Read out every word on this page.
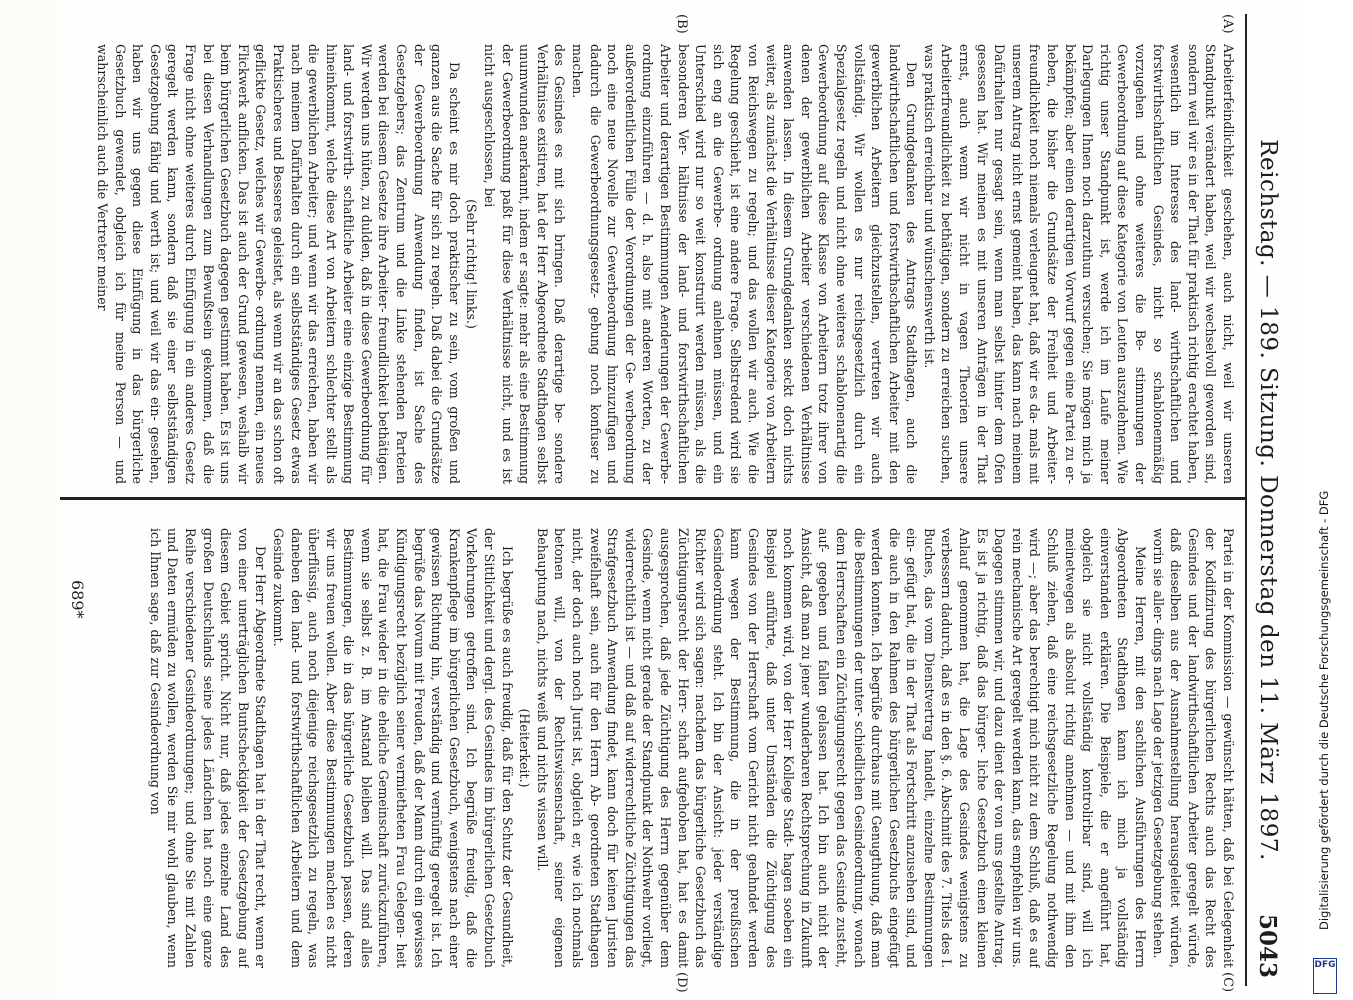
Reichstag. — 189. Sitzung. Donnerstag den 11. März 1897.
5043
(A)
(B)
(C)
(D)

Arbeiterfeindlichkeit geschehen, auch nicht, weil wir unseren Standpunkt verändert haben, weil wir wechselvoll geworden sind, sondern weil wir es in der That für praktisch richtig erachtet haben, wesentlich im Interesse des land- wirthschaftlichen und forstwirthschaftlichen Gesindes, nicht so schablonenmäßig vorzugehen und ohne weiteres die Be- stimmungen der Gewerbeordnung auf diese Kategorie von Leuten auszudehnen. Wie richtig unser Standpunkt ist, werde ich im Laufe meiner Darlegungen Ihnen noch darzuthun versuchen; Sie mögen mich ja bekämpfen; aber einen derartigen Vorwurf gegen eine Partei zu er- heben, die bisher die Grundsätze der Freiheit und Arbeiter- freundlichkeit noch niemals verleugnet hat, daß wir es da- mals mit unserem Antrag nicht ernst gemeint haben, das kann nach meinem Dafürhalten nur gesagt sein, wenn man selbst hinter dem Ofen gesessen hat. Wir meinen es mit unseren Anträgen in der That ernst, auch wenn wir nicht in vagen Theorien unsere Arbeiterfreundlichkeit zu bethätigen, sondern zu erreichen suchen, was praktisch erreichbar und wünschenswerth ist.

Den Grundgedanken des Antrags Stadthagen, auch die landwirthschaftlichen und forstwirthschaftlichen Arbeiter mit den gewerblichen Arbeitern gleichzustellen, vertreten wir auch vollständig. Wir wollen es nur reichsgesetzlich durch ein Spezialgesetz regeln und nicht ohne weiteres schablonenartig die Gewerbeordnung auf diese Klasse von Arbeitern trotz ihrer von denen der gewerblichen Arbeiter verschiedenen Verhältnisse anwenden lassen. In diesem Grundgedanken steckt doch nichts weiter, als zunächst die Verhältnisse dieser Kategorie von Arbeitern von Reichswegen zu regeln; und das wollen wir auch. Wie die Regelung geschieht, ist eine andere Frage. Selbstredend wird sie sich eng an die Gewerbe- ordnung anlehnen müssen, und ein Unterschied wird nur so weit konstruirt werden müssen, als die besonderen Ver- hältnisse der land- und forstwirthschaftlichen Arbeiter und derartigen Bestimmungen Aenderungen der Gewerbe- ordnung einzuführen — d. h. also mit anderen Worten, zu der außerordentlichen Fülle der Verordnungen der Ge- werbeordnung noch eine neue Novelle zur Gewerbeordnung hinzuzufügen und dadurch die Gewerbeordnungsgesetz- gebung noch konfuser zu machen.

des Gesindes es mit sich bringen. Daß derartige be- sondere Verhältnisse existiren, hat der Herr Abgeordnete Stadthagen selbst unumwunden anerkannt, indem er sagte: mehr als eine Bestimmung der Gewerbeordnung paßt für diese Verhältnisse nicht, und es ist nicht ausgeschlossen, bei

(Sehr richtig! links.)

Da scheint es mir doch praktischer zu sein, vom großen und ganzen aus die Sache für sich zu regeln. Daß dabei die Grundsätze der Gewerbeordnung Anwendung finden, ist Sache des Gesetzgebers; das Zentrum und die Linke stehenden Parteien werden bei diesem Gesetze ihre Arbeiter- freundlichkeit bethätigen. Wir werden uns hüten, zu dulden, daß in diese Gewerbeordnung für land- und forstwirth- schaftliche Arbeiter eine einzige Bestimmung hineinkommt, welche diese Art von Arbeitern schlechter stellt als die gewerblichen Arbeiter; und wenn wir das erreichen, haben wir nach meinem Dafürhalten durch ein selbstständiges Gesetz etwas Praktischeres und Besseres geleistet, als wenn wir an das schon oft geflickte Gesetz, welches wir Gewerbe- ordnung nennen, ein neues Flickwerk anflicken. Das ist auch der Grund gewesen, weshalb wir beim bürgerlichen Gesetzbuch dagegen gestimmt haben. Es ist uns bei diesen Verhandlungen zum Bewußtsein gekommen, daß die Frage nicht ohne weiteres durch Einfügung in ein anderes Gesetz geregelt werden kann, sondern daß sie einer selbstständigen Gesetzgebung fähig und werth ist; und weil wir das ein- gesehen, haben wir uns gegen diese Einfügung in das bürgerliche Gesetzbuch gewendet, obgleich ich für meine Person — und wahrscheinlich auch die Vertreter meiner

Partei in der Kommission — gewünscht hätten, daß bei Gelegenheit der Kodifizirung des bürgerlichen Rechts auch das Recht des Gesindes und der landwirthschaftlichen Arbeiter geregelt würde, daß dieselben aus der Ausnahmestellung herausgeleitet würden, worin sie aller- dings nach Lage der jetzigen Gesetzgebung stehen.

Meine Herren, mit den sachlichen Ausführungen des Herrn Abgeordneten Stadthagen kann ich mich ja vollständig einverstanden erklären. Die Beispiele, die er angeführt hat, obgleich sie nicht vollständig kontrolirbar sind, will ich meinetwegen als absolut richtig annehmen — und mit ihm den Schluß ziehen, daß eine reichsgesetzliche Regelung nothwendig wird —; aber das berechtigt mich nicht zu dem Schluß, daß es auf rein mechanische Art geregelt werden kann, das empfehlen wir uns. Dagegen stimmen wir, und dazu dient der von uns gestellte Antrag. Es ist ja richtig, daß das bürger- liche Gesetzbuch einen kleinen Anlauf genommen hat, die Lage des Gesindes wenigstens zu verbessern dadurch, daß es in den §. 6. Abschnitt des 7. Titels des I. Buches, das vom Dienstvertrag handelt, einzelne Bestimmungen ein- gefügt hat, die in der That als Fortschritt anzusehen sind, und die auch in den Rahmen des bürgerlichen Gesetzbuchs eingefügt werden konnten. Ich begrüße durchaus mit Genugthuung, daß man die Bestimmungen der unter- schiedlichen Gesindeordnung, wonach dem Herrschaften ein Züchtigungsrecht gegen das Gesinde zusteht, auf- gegeben und fallen gelassen hat. Ich bin auch nicht der Ansicht, daß man zu jener wunderbaren Rechtsprechung in Zukunft noch kommen wird, von der Herr Kollege Stadt- hagen soeben ein Beispiel anführte, daß unter Umständen die Züchtigung des Gesindes von der Herrschaft vom Gericht nicht geahndet werden kann wegen der Bestimmung, die in der preußischen Gesindeordnung steht. Ich bin der Ansicht: jeder verständige Richter wird sich sagen: nachdem das bürgerliche Gesetzbuch das Züchtigungsrecht der Herr- schaft aufgehoben hat, hat es damit ausgesprochen, daß jede Züchtigung des Herrn gegenüber dem Gesinde, wenn nicht gerade der Standpunkt der Nothwehr vorliegt, widerrechtlich ist — und daß auf widerrechtliche Züchtigungen das Strafgesetzbuch Anwendung findet, kann doch für keinen Juristen zweifelhaft sein, auch für den Herrn Ab- geordneten Stadthagen nicht, der doch auch noch Jurist ist, obgleich er, wie ich nochmals betonen will, von der Rechtswissenschaft, seiner eigenen Behauptung nach, nichts weiß und nichts wissen will.

(Heiterkeit.)

Ich begrüße es auch freudig, daß für den Schutz der Gesundheit, der Sittlichkeit und dergl. des Gesindes im bürgerlichen Gesetzbuch Vorkehrungen getroffen sind. Ich begrüße freudig, daß die Krankenpflege im bürgerlichen Gesetzbuch, wenigstens nach einer gewissen Richtung hin, verständig und vernünftig geregelt ist. Ich begrüße das Novum mit Freuden, daß der Mann durch ein gewisses Kündigungsrecht bezüglich seiner vermietheten Frau Gelegen- heit hat, die Frau wieder in die eheliche Gemeinschaft zurückzuführen, wenn sie selbst z. B. im Anstand bleiben will. Das sind alles Bestimmungen, die in das bürgerliche Gesetzbuch passen, deren wir uns freuen wollen. Aber diese Bestimmungen machen es nicht überflüssig, auch noch diejenige reichsgesetzlich zu regeln, was daneben den land- und forstwirthschaftlichen Arbeitern und dem Gesinde zukommt.

Der Herr Abgeordnete Stadthagen hat in der That recht, wenn er von einer unerträglichen Buntscheckigkeit der Gesetzgebung auf diesem Gebiet spricht. Nicht nur, daß jedes einzelne Land des großen Deutschlands seine jedes Ländchen hat noch eine ganze Reihe verschiedener Gesindeordnungen; und ohne Sie mit Zahlen und Daten ermüden zu wollen, werden Sie mir wohl glauben, wenn ich Ihnen sage, daß zur Gesindeordnung von

689*	Digitalisierung gefördert durch die Deutsche Forschungsgemeinschaft - DFG
DFG
